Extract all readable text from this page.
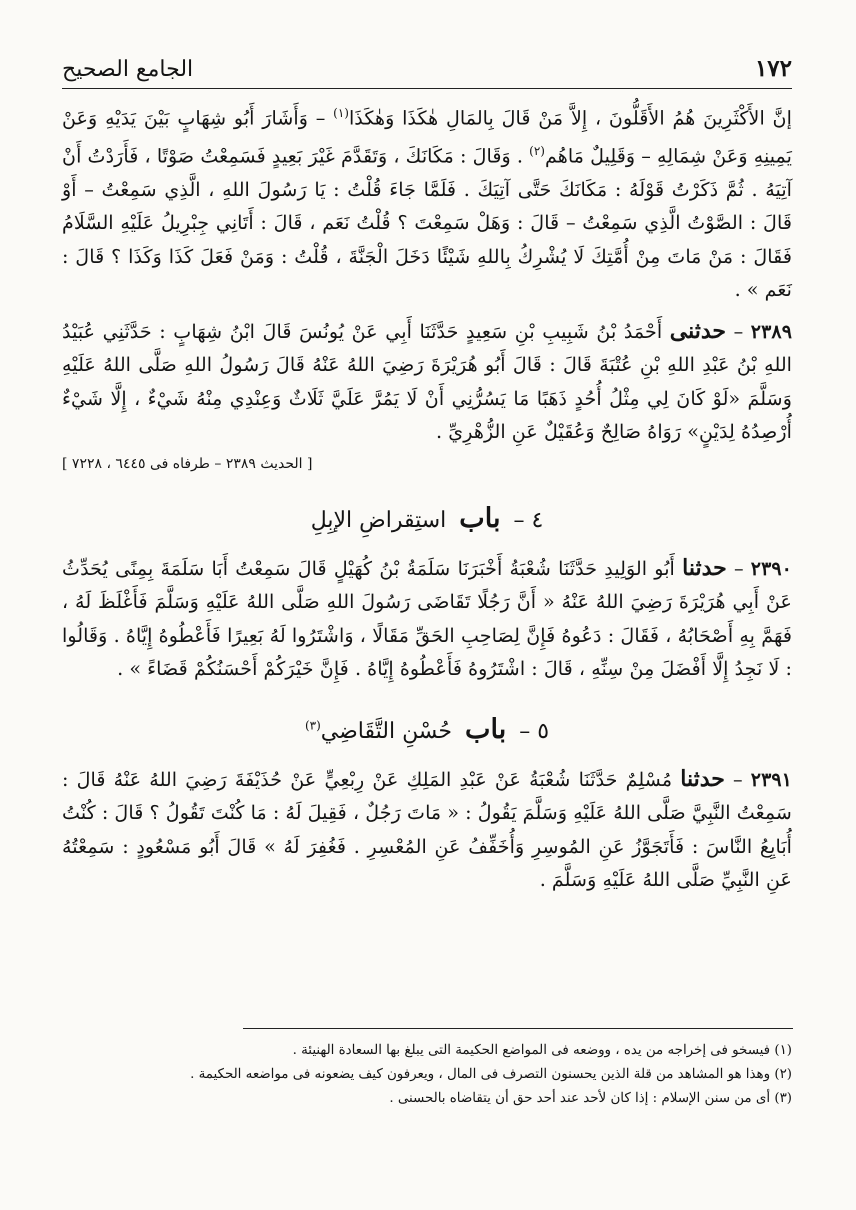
١٧٢
الجامع الصحيح

إنَّ الأَكْثَرِينَ هُمُ الأَقَلُّونَ ، إِلاَّ مَنْ قَالَ بِالمَالِ هٰكَذَا وَهٰكَذَا$^{(١)}$ – وَأَشَارَ أَبُو شِهَابٍ بَيْنَ يَدَيْهِ وَعَنْ يَمِينِهِ وَعَنْ شِمَالِهِ – وَقَلِيلٌ مَاهُم$^{(٢)}$ . وَقَالَ : مَكَانَكَ ، وَتَقَدَّمَ غَيْرَ بَعِيدٍ فَسَمِعْتُ صَوْتًا ، فَأَرَدْتُ أَنْ آتِيَهُ . ثُمَّ ذَكَرْتُ قَوْلَهُ : مَكَانَكَ حَتَّى آتِيَكَ . فَلَمَّا جَاءَ قُلْتُ : يَا رَسُولَ اللهِ ، الَّذِي سَمِعْتُ – أَوْ قَالَ : الصَّوْتُ الَّذِي سَمِعْتُ – قَالَ : وَهَلْ سَمِعْتَ ؟ قُلْتُ نَعَم ، قَالَ : أَتَانِي جِبْرِيلُ عَلَيْهِ السَّلَامُ فَقَالَ : مَنْ مَاتَ مِنْ أُمَّتِكَ لَا يُشْرِكُ بِاللهِ شَيْئًا دَخَلَ الْجَنَّةَ ، قُلْتُ : وَمَنْ فَعَلَ كَذَا وَكَذَا ؟ قَالَ : نَعَم » .

٢٣٨٩ – حدثنى أَحْمَدُ بْنُ شَبِيبِ بْنِ سَعِيدٍ حَدَّثَنَا أَبِي عَنْ يُونُسَ قَالَ ابْنُ شِهَابٍ : حَدَّثَنِي عُبَيْدُ اللهِ بْنُ عَبْدِ اللهِ بْنِ عُتْبَةَ قَالَ : قَالَ أَبُو هُرَيْرَةَ رَضِيَ اللهُ عَنْهُ قَالَ رَسُولُ اللهِ صَلَّى اللهُ عَلَيْهِ وَسَلَّمَ «لَوْ كَانَ لِي مِثْلُ أُحُدٍ ذَهَبًا مَا يَسُرُّنِي أَنْ لَا يَمُرَّ عَلَيَّ ثَلَاثٌ وَعِنْدِي مِنْهُ شَيْءٌ ، إِلَّا شَيْءٌ أُرْصِدُهُ لِدَيْنٍ» رَوَاهُ صَالِحٌ وَعُقَيْلٌ عَنِ الزُّهْرِيِّ .

[ الحديث ٢٣٨٩ – طرفاه فى ٦٤٤٥ ، ٧٢٢٨ ]
٤ – باب استِقراضِ الإبِلِ

٢٣٩٠ – حدثنا أَبُو الوَلِيدِ حَدَّثَنَا شُعْبَةُ أَخْبَرَنَا سَلَمَةُ بْنُ كُهَيْلٍ قَالَ سَمِعْتُ أَبَا سَلَمَةَ بِمِنًى يُحَدِّثُ عَنْ أَبِي هُرَيْرَةَ رَضِيَ اللهُ عَنْهُ « أَنَّ رَجُلًا تَقَاضَى رَسُولَ اللهِ صَلَّى اللهُ عَلَيْهِ وَسَلَّمَ فَأَغْلَظَ لَهُ ، فَهَمَّ بِهِ أَصْحَابُهُ ، فَقَالَ : دَعُوهُ فَإِنَّ لِصَاحِبِ الحَقِّ مَقَالًا ، وَاشْتَرُوا لَهُ بَعِيرًا فَأَعْطُوهُ إِيَّاهُ . وَقَالُوا : لَا نَجِدُ إِلَّا أَفْضَلَ مِنْ سِنِّهِ ، قَالَ : اشْتَرُوهُ فَأَعْطُوهُ إِيَّاهُ . فَإِنَّ خَيْرَكُمْ أَحْسَنُكُمْ قَضَاءً » .

٥ – باب حُسْنِ التَّقَاضِي$^{(٣)}$

٢٣٩١ – حدثنا مُسْلِمٌ حَدَّثَنَا شُعْبَةُ عَنْ عَبْدِ المَلِكِ عَنْ رِبْعِيٍّ عَنْ حُذَيْفَةَ رَضِيَ اللهُ عَنْهُ قَالَ : سَمِعْتُ النَّبِيَّ صَلَّى اللهُ عَلَيْهِ وَسَلَّمَ يَقُولُ : « مَاتَ رَجُلٌ ، فَقِيلَ لَهُ : مَا كُنْتَ تَقُولُ ؟ قَالَ : كُنْتُ أُبَايِعُ النَّاسَ : فَأَتَجَوَّزُ عَنِ المُوسِرِ وَأُخَفِّفُ عَنِ المُعْسِرِ . فَغُفِرَ لَهُ » قَالَ أَبُو مَسْعُودٍ : سَمِعْتُهُ عَنِ النَّبِيِّ صَلَّى اللهُ عَلَيْهِ وَسَلَّمَ .

(١) فيسخو فى إخراجه من يده ، ووضعه فى المواضع الحكيمة التى يبلغ بها السعادة الهنيئة .
(٢) وهذا هو المشاهد من قلة الذين يحسنون التصرف فى المال ، ويعرفون كيف يضعونه فى مواضعه الحكيمة .
(٣) أى من سنن الإسلام : إذا كان لأحد عند أحد حق أن يتقاضاه بالحسنى .
